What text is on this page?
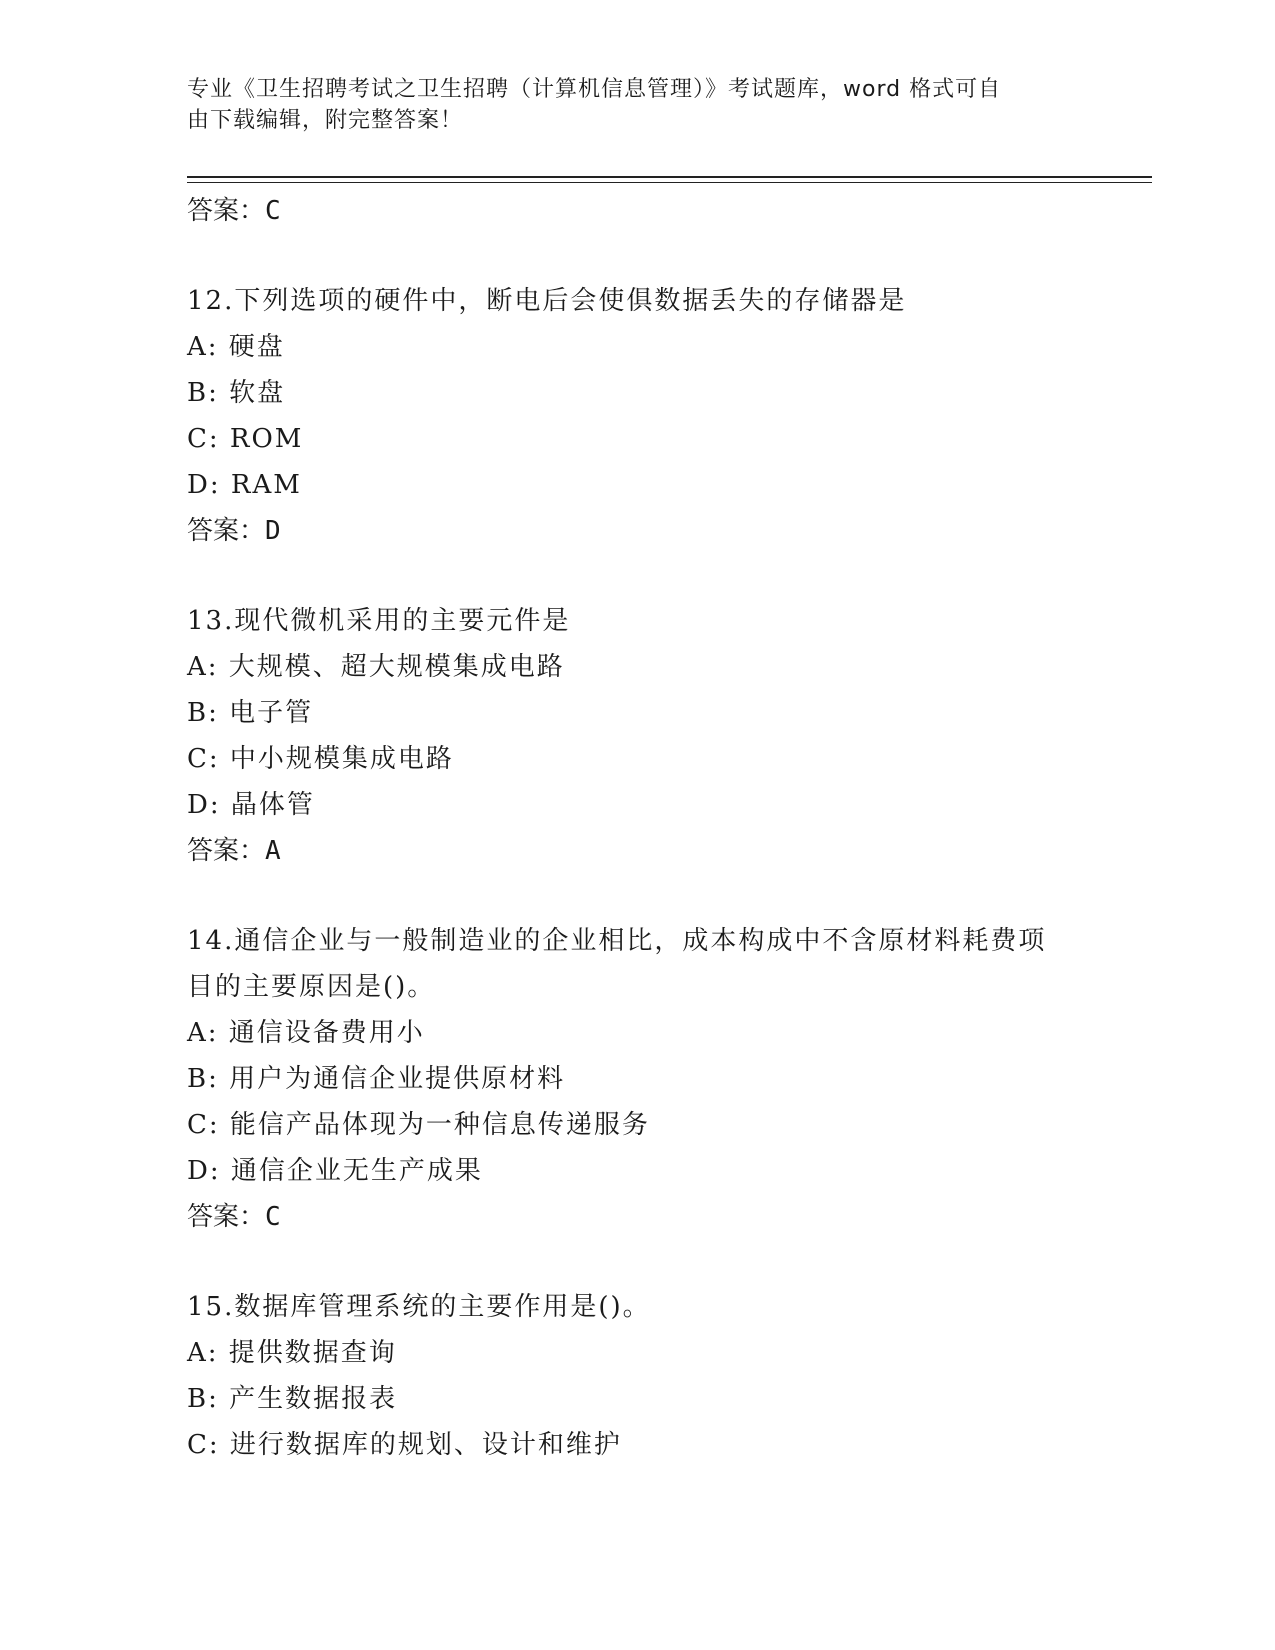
专业《卫生招聘考试之卫生招聘（计算机信息管理）》考试题库，word 格式可自
由下载编辑，附完整答案！
答案：C
12.下列选项的硬件中，断电后会使俱数据丢失的存储器是
A: 硬盘
B: 软盘
C: ROM
D: RAM
答案：D
13.现代微机采用的主要元件是
A: 大规模、超大规模集成电路
B: 电子管
C: 中小规模集成电路
D: 晶体管
答案：A
14.通信企业与一般制造业的企业相比，成本构成中不含原材料耗费项
目的主要原因是()。
A: 通信设备费用小
B: 用户为通信企业提供原材料
C: 能信产品体现为一种信息传递服务
D: 通信企业无生产成果
答案：C
15.数据库管理系统的主要作用是()。
A: 提供数据查询
B: 产生数据报表
C: 进行数据库的规划、设计和维护
